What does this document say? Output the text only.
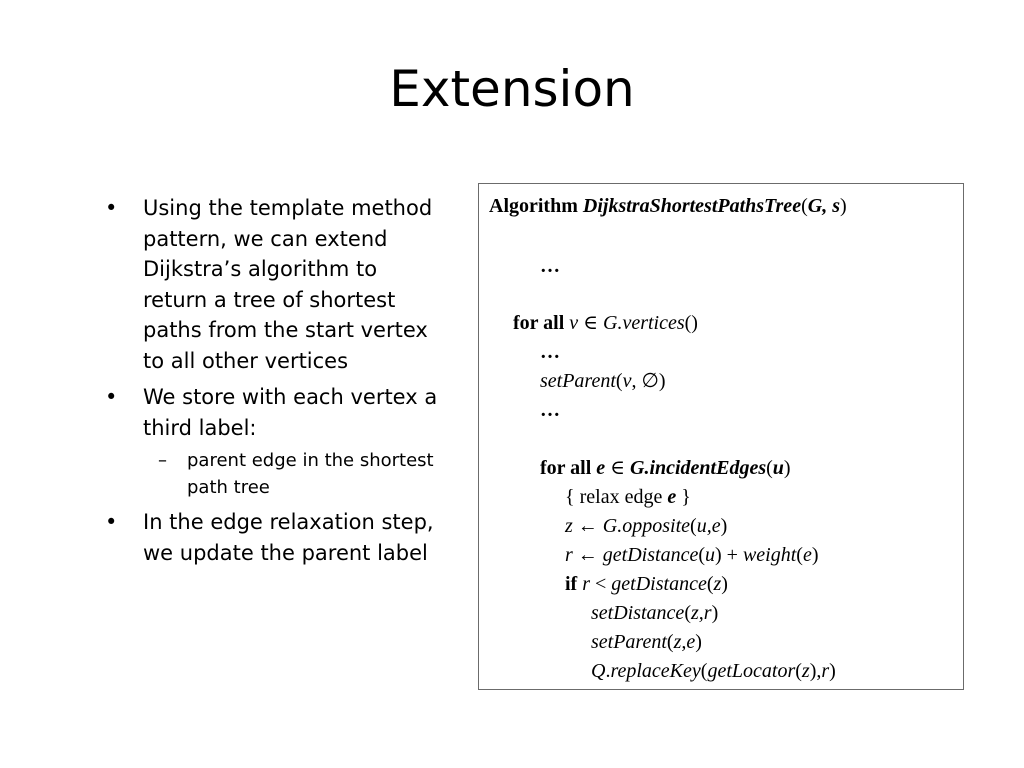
Extension
• Using the template method pattern, we can extend Dijkstra’s algorithm to return a tree of shortest paths from the start vertex to all other vertices
• We store with each vertex a third label:
– parent edge in the shortest path tree
• In the edge relaxation step, we update the parent label
Algorithm DijkstraShortestPathsTree(G, s)
…
for all v ∈ G.vertices()
…
setParent(v, ∅)
…
for all e ∈ G.incidentEdges(u)
{ relax edge e }
z ← G.opposite(u,e)
r ← getDistance(u) + weight(e)
if r < getDistance(z)
setDistance(z,r)
setParent(z,e)
Q.replaceKey(getLocator(z),r)
